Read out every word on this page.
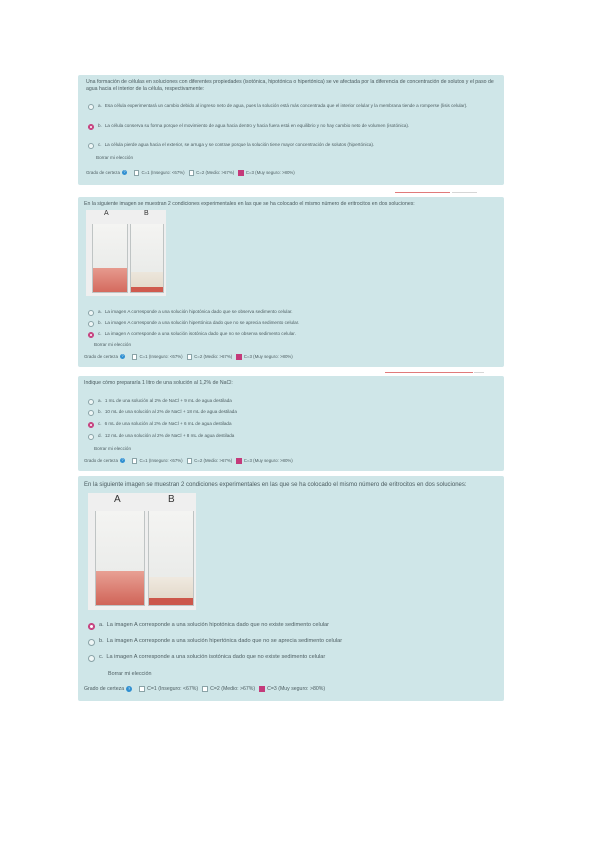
Una formación de células en soluciones con diferentes propiedades (isotónica, hipotónica o hipertónica) se ve afectada por la diferencia de concentración de solutos y el paso de agua hacia el interior de la célula, respectivamente:
a. Esa célula experimentará un cambio debido al ingreso neto de agua, pues la solución está más concentrada que el interior celular y la membrana tiende a romperse (lisis celular).
b. La célula conserva su forma porque el movimiento de agua hacia dentro y hacia fuera está en equilibrio y no hay cambio neto de volumen (isotónica).
c. La célula pierde agua hacia el exterior, se arruga y se contrae porque la solución tiene mayor concentración de solutos (hipertónica).
Borrar mi elección
Grado de certeza ?	C=1 (Inseguro: <67%)	C=2 (Medio: >67%)	C=3 (Muy seguro: >80%)
En la siguiente imagen se muestran 2 condiciones experimentales en las que se ha colocado el mismo número de eritrocitos en dos soluciones:
A	B
a. La imagen A corresponde a una solución hipotónica dado que se observa sedimento celular.
b. La imagen A corresponde a una solución hipertónica dado que no se aprecia sedimento celular.
c. La imagen A corresponde a una solución isotónica dado que no se observa sedimento celular.
Borrar mi elección
Grado de certeza ?	C=1 (Inseguro: <67%)	C=2 (Medio: >67%)	C=3 (Muy seguro: >80%)
Indique cómo prepararía 1 litro de una solución al 1,2% de NaCl:
a. 1 mL de una solución al 2% de NaCl + 9 mL de agua destilada
b. 10 mL de una solución al 2% de NaCl + 18 mL de agua destilada
c. 6 mL de una solución al 2% de NaCl + 6 mL de agua destilada
d. 12 mL de una solución al 2% de NaCl + 8 mL de agua destilada
Borrar mi elección
Grado de certeza ?	C=1 (Inseguro: <67%)	C=2 (Medio: >67%)	C=3 (Muy seguro: >80%)
En la siguiente imagen se muestran 2 condiciones experimentales en las que se ha colocado el mismo número de eritrocitos en dos soluciones:
A	B
a. La imagen A corresponde a una solución hipotónica dado que no existe sedimento celular
b. La imagen A corresponde a una solución hipertónica dado que no se aprecia sedimento celular
c. La imagen A corresponde a una solución isotónica dado que no existe sedimento celular
Borrar mi elección
Grado de certeza ?	C=1 (Inseguro: <67%) C=2 (Medio: >67%) C=3 (Muy seguro: >80%)
